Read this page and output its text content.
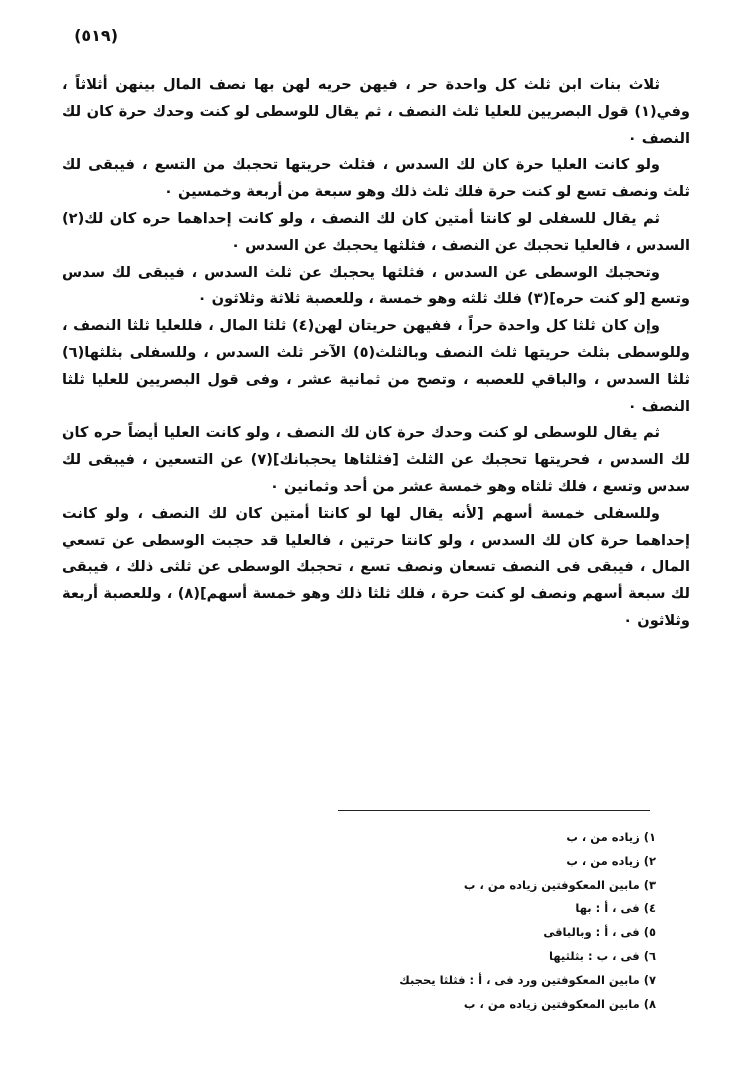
(٥١٩)

ثلاث بنات ابن ثلث كل واحدة حر ، فيهن حريه لهن بها نصف المال بينهن أثلاثاً ، وفي(١) قول البصريين للعليا ثلث النصف ، ثم يقال للوسطى لو كنت وحدك حرة كان لك النصف ٠

ولو كانت العليا حرة كان لك السدس ، فثلث حريتها تحجبك من التسع ، فيبقى لك ثلث ونصف تسع لو كنت حرة فلك ثلث ذلك وهو سبعة من أربعة وخمسين ٠

ثم يقال للسفلى لو كانتا أمتين كان لك النصف ، ولو كانت إحداهما حره كان لك(٢) السدس ، فالعليا تحجبك عن النصف ، فثلثها يحجبك عن السدس ٠

وتحجبك الوسطى عن السدس ، فثلثها يحجبك عن ثلث السدس ، فيبقى لك سدس وتسع [لو كنت حره](٣) فلك ثلثه وهو خمسة ، وللعصبة ثلاثة وثلاثون ٠

وإن كان ثلثا كل واحدة حراً ، ففيهن حريتان لهن(٤) ثلثا المال ، فللعليا ثلثا النصف ، وللوسطى بثلث حريتها ثلث النصف وبالثلث(٥) الآخر ثلث السدس ، وللسفلى بثلثها(٦) ثلثا السدس ، والباقي للعصبه ، وتصح من ثمانية عشر ، وفى قول البصريين للعليا ثلثا النصف ٠

ثم يقال للوسطى لو كنت وحدك حرة كان لك النصف ، ولو كانت العليا أيضاً حره كان لك السدس ، فحريتها تحجبك عن الثلث [فثلثاها يحجبانك](٧) عن التسعين ، فيبقى لك سدس وتسع ، فلك ثلثاه وهو خمسة عشر من أحد وثمانين ٠

وللسفلى خمسة أسهم [لأنه يقال لها لو كانتا أمتين كان لك النصف ، ولو كانت إحداهما حرة كان لك السدس ، ولو كانتا حرتين ، فالعليا قد حجبت الوسطى عن تسعي المال ، فيبقى فى النصف تسعان ونصف تسع ، تحجبك الوسطى عن ثلثى ذلك ، فيبقى لك سبعة أسهم ونصف لو كنت حرة ، فلك ثلثا ذلك وهو خمسة أسهم](٨) ، وللعصبة أربعة وثلاثون ٠

١) زياده من ، ب
٢) زياده من ، ب
٣) مابين المعكوفتين زياده من ، ب
٤) فى ، أ : بها
٥) فى ، أ : وبالباقى
٦) فى ، ب : بثلثيها
٧) مابين المعكوفتين ورد فى ، أ : فثلثا يحجبك
٨) مابين المعكوفتين زياده من ، ب
